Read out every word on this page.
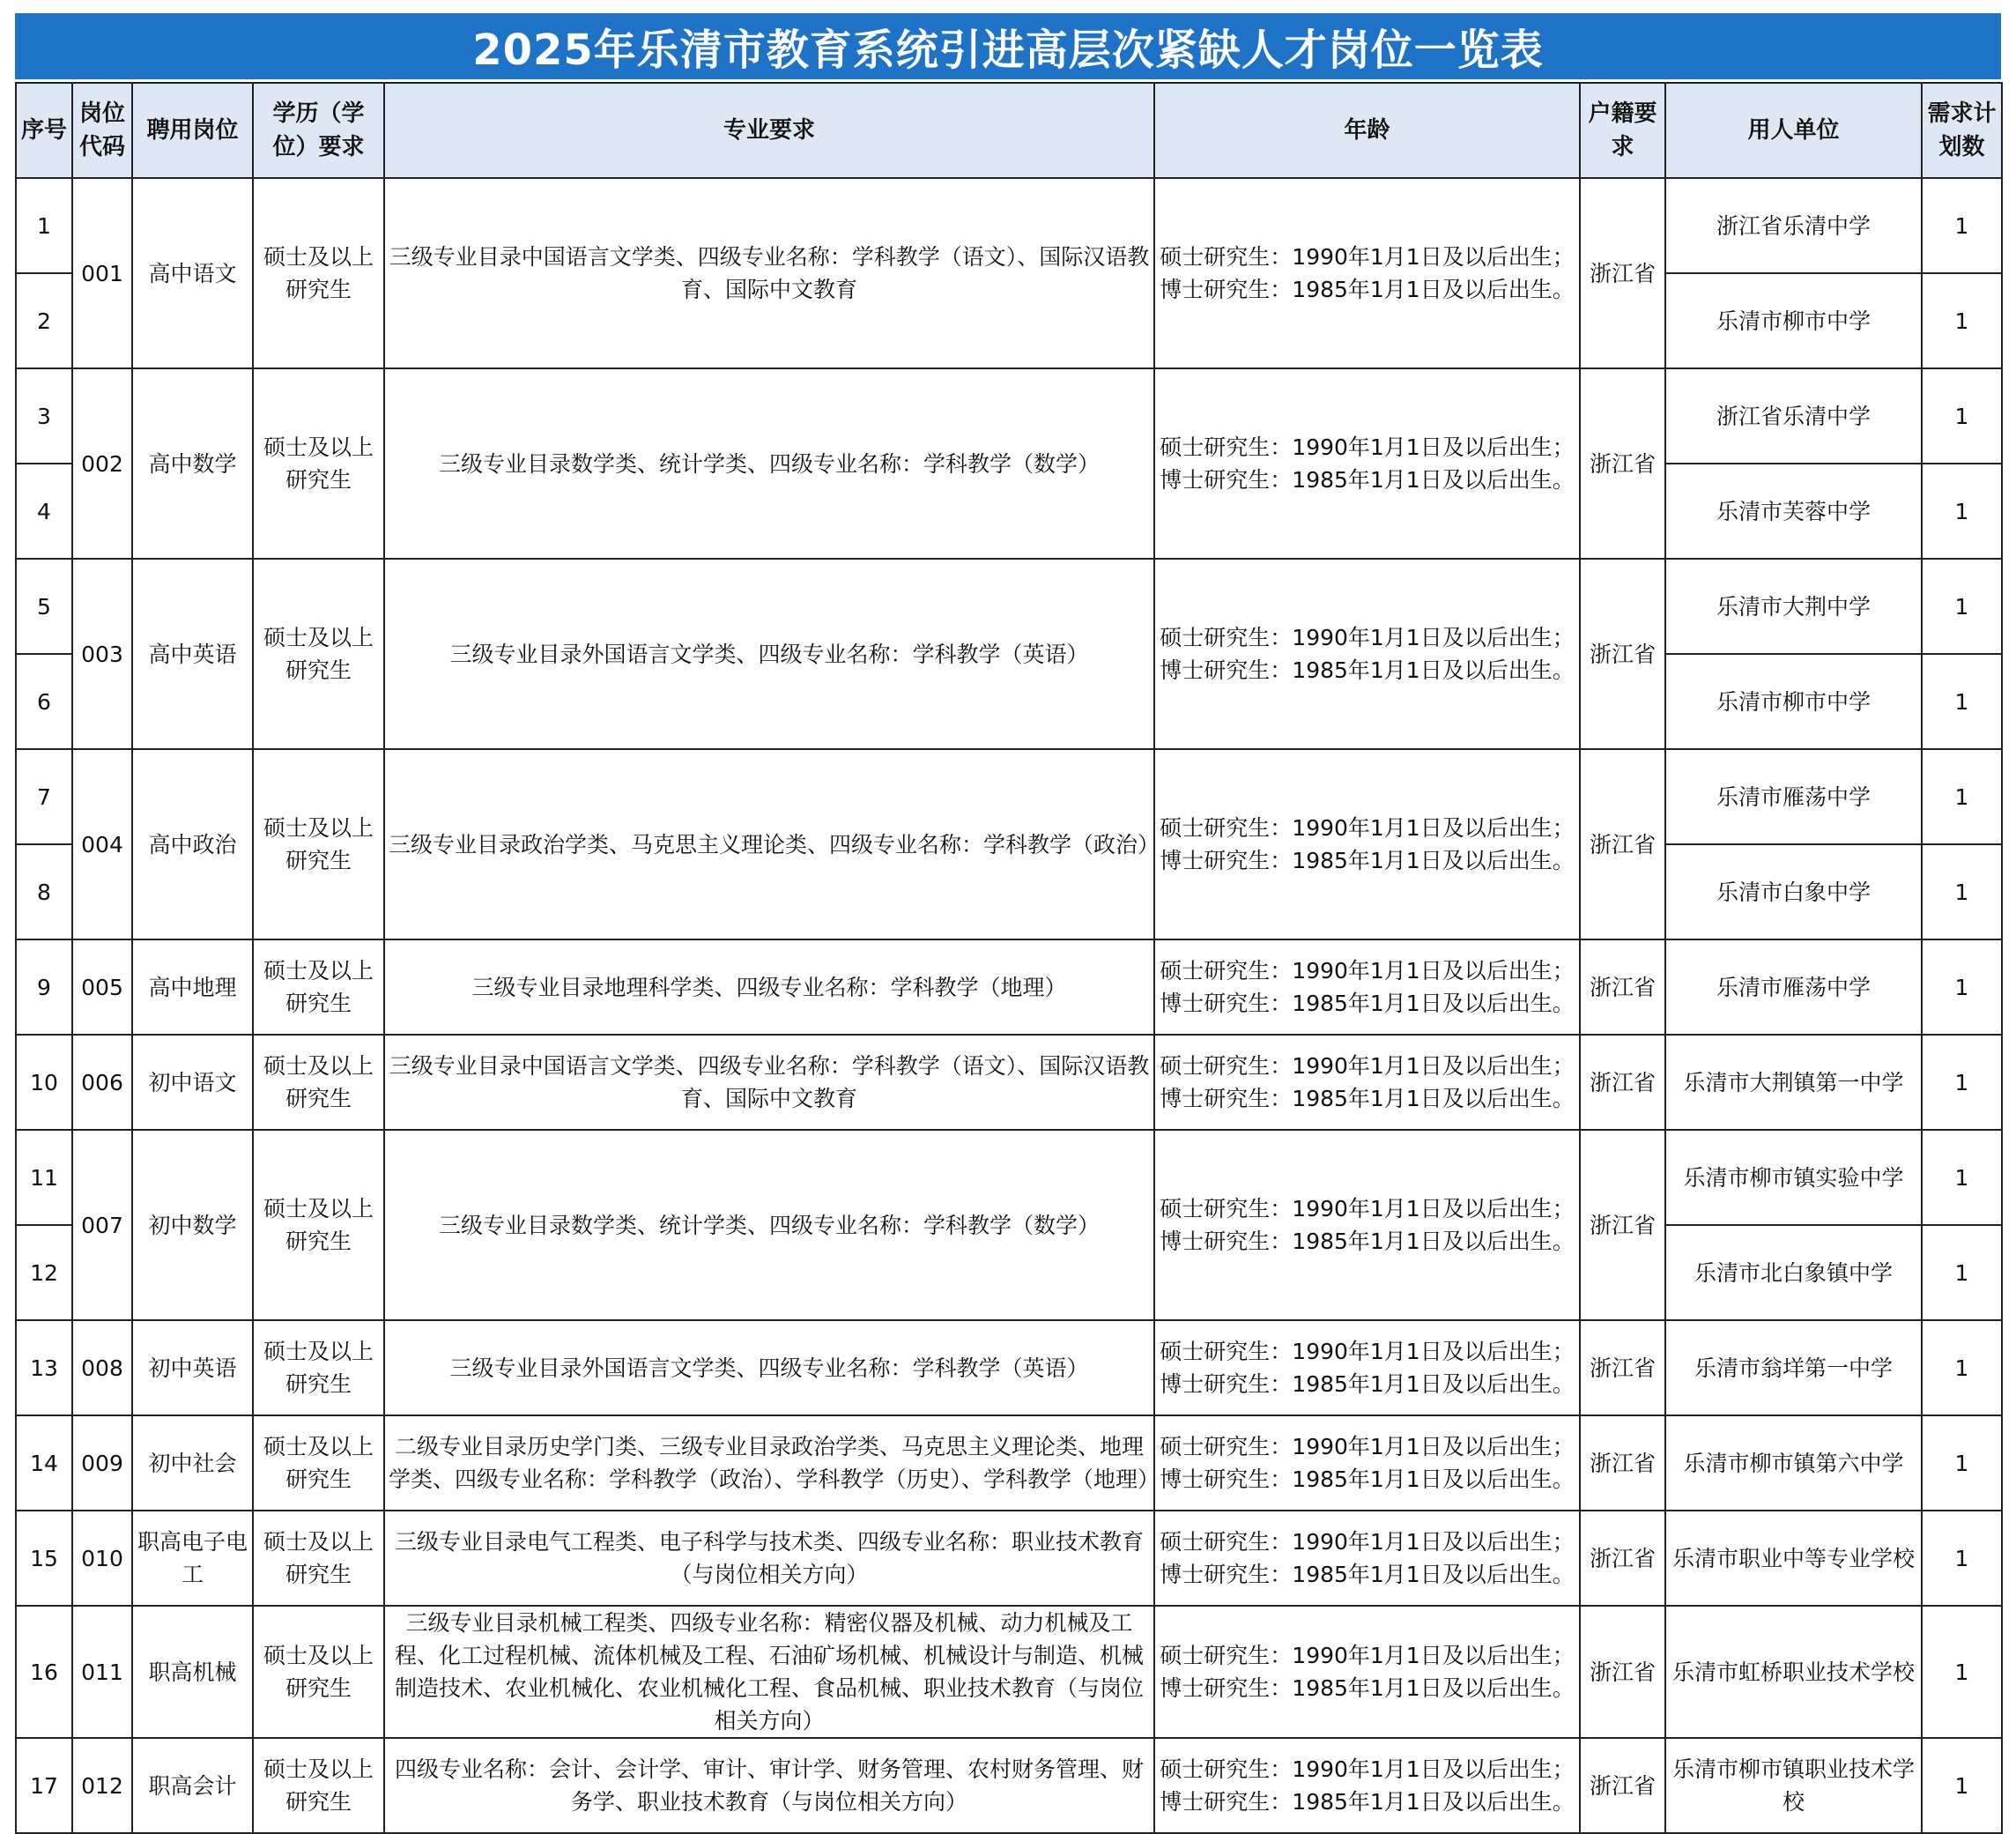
2025年乐清市教育系统引进高层次紧缺人才岗位一览表
序号	岗位代码	聘用岗位	学历（学位）要求	专业要求	年龄	户籍要求	用人单位	需求计划数
1	001	高中语文	硕士及以上研究生	三级专业目录中国语言文学类、四级专业名称：学科教学（语文）、国际汉语教育、国际中文教育	硕士研究生：1990年1月1日及以后出生；
博士研究生：1985年1月1日及以后出生。	浙江省	浙江省乐清中学	1
2							乐清市柳市中学	1
3	002	高中数学	硕士及以上研究生	三级专业目录数学类、统计学类、四级专业名称：学科教学（数学）	硕士研究生：1990年1月1日及以后出生；
博士研究生：1985年1月1日及以后出生。	浙江省	浙江省乐清中学	1
4							乐清市芙蓉中学	1
5	003	高中英语	硕士及以上研究生	三级专业目录外国语言文学类、四级专业名称：学科教学（英语）	硕士研究生：1990年1月1日及以后出生；
博士研究生：1985年1月1日及以后出生。	浙江省	乐清市大荆中学	1
6							乐清市柳市中学	1
7	004	高中政治	硕士及以上研究生	三级专业目录政治学类、马克思主义理论类、四级专业名称：学科教学（政治）	硕士研究生：1990年1月1日及以后出生；
博士研究生：1985年1月1日及以后出生。	浙江省	乐清市雁荡中学	1
8							乐清市白象中学	1
9	005	高中地理	硕士及以上研究生	三级专业目录地理科学类、四级专业名称：学科教学（地理）	硕士研究生：1990年1月1日及以后出生；
博士研究生：1985年1月1日及以后出生。	浙江省	乐清市雁荡中学	1
10	006	初中语文	硕士及以上研究生	三级专业目录中国语言文学类、四级专业名称：学科教学（语文）、国际汉语教育、国际中文教育	硕士研究生：1990年1月1日及以后出生；
博士研究生：1985年1月1日及以后出生。	浙江省	乐清市大荆镇第一中学	1
11	007	初中数学	硕士及以上研究生	三级专业目录数学类、统计学类、四级专业名称：学科教学（数学）	硕士研究生：1990年1月1日及以后出生；
博士研究生：1985年1月1日及以后出生。	浙江省	乐清市柳市镇实验中学	1
12							乐清市北白象镇中学	1
13	008	初中英语	硕士及以上研究生	三级专业目录外国语言文学类、四级专业名称：学科教学（英语）	硕士研究生：1990年1月1日及以后出生；
博士研究生：1985年1月1日及以后出生。	浙江省	乐清市翁垟第一中学	1
14	009	初中社会	硕士及以上研究生	二级专业目录历史学门类、三级专业目录政治学类、马克思主义理论类、地理学类、四级专业名称：学科教学（政治）、学科教学（历史）、学科教学（地理）	硕士研究生：1990年1月1日及以后出生；
博士研究生：1985年1月1日及以后出生。	浙江省	乐清市柳市镇第六中学	1
15	010	职高电子电工	硕士及以上研究生	三级专业目录电气工程类、电子科学与技术类、四级专业名称：职业技术教育（与岗位相关方向）	硕士研究生：1990年1月1日及以后出生；
博士研究生：1985年1月1日及以后出生。	浙江省	乐清市职业中等专业学校	1
16	011	职高机械	硕士及以上研究生	三级专业目录机械工程类、四级专业名称：精密仪器及机械、动力机械及工程、化工过程机械、流体机械及工程、石油矿场机械、机械设计与制造、机械制造技术、农业机械化、农业机械化工程、食品机械、职业技术教育（与岗位相关方向）	硕士研究生：1990年1月1日及以后出生；
博士研究生：1985年1月1日及以后出生。	浙江省	乐清市虹桥职业技术学校	1
17	012	职高会计	硕士及以上研究生	四级专业名称：会计、会计学、审计、审计学、财务管理、农村财务管理、财务学、职业技术教育（与岗位相关方向）	硕士研究生：1990年1月1日及以后出生；
博士研究生：1985年1月1日及以后出生。	浙江省	乐清市柳市镇职业技术学校	1
